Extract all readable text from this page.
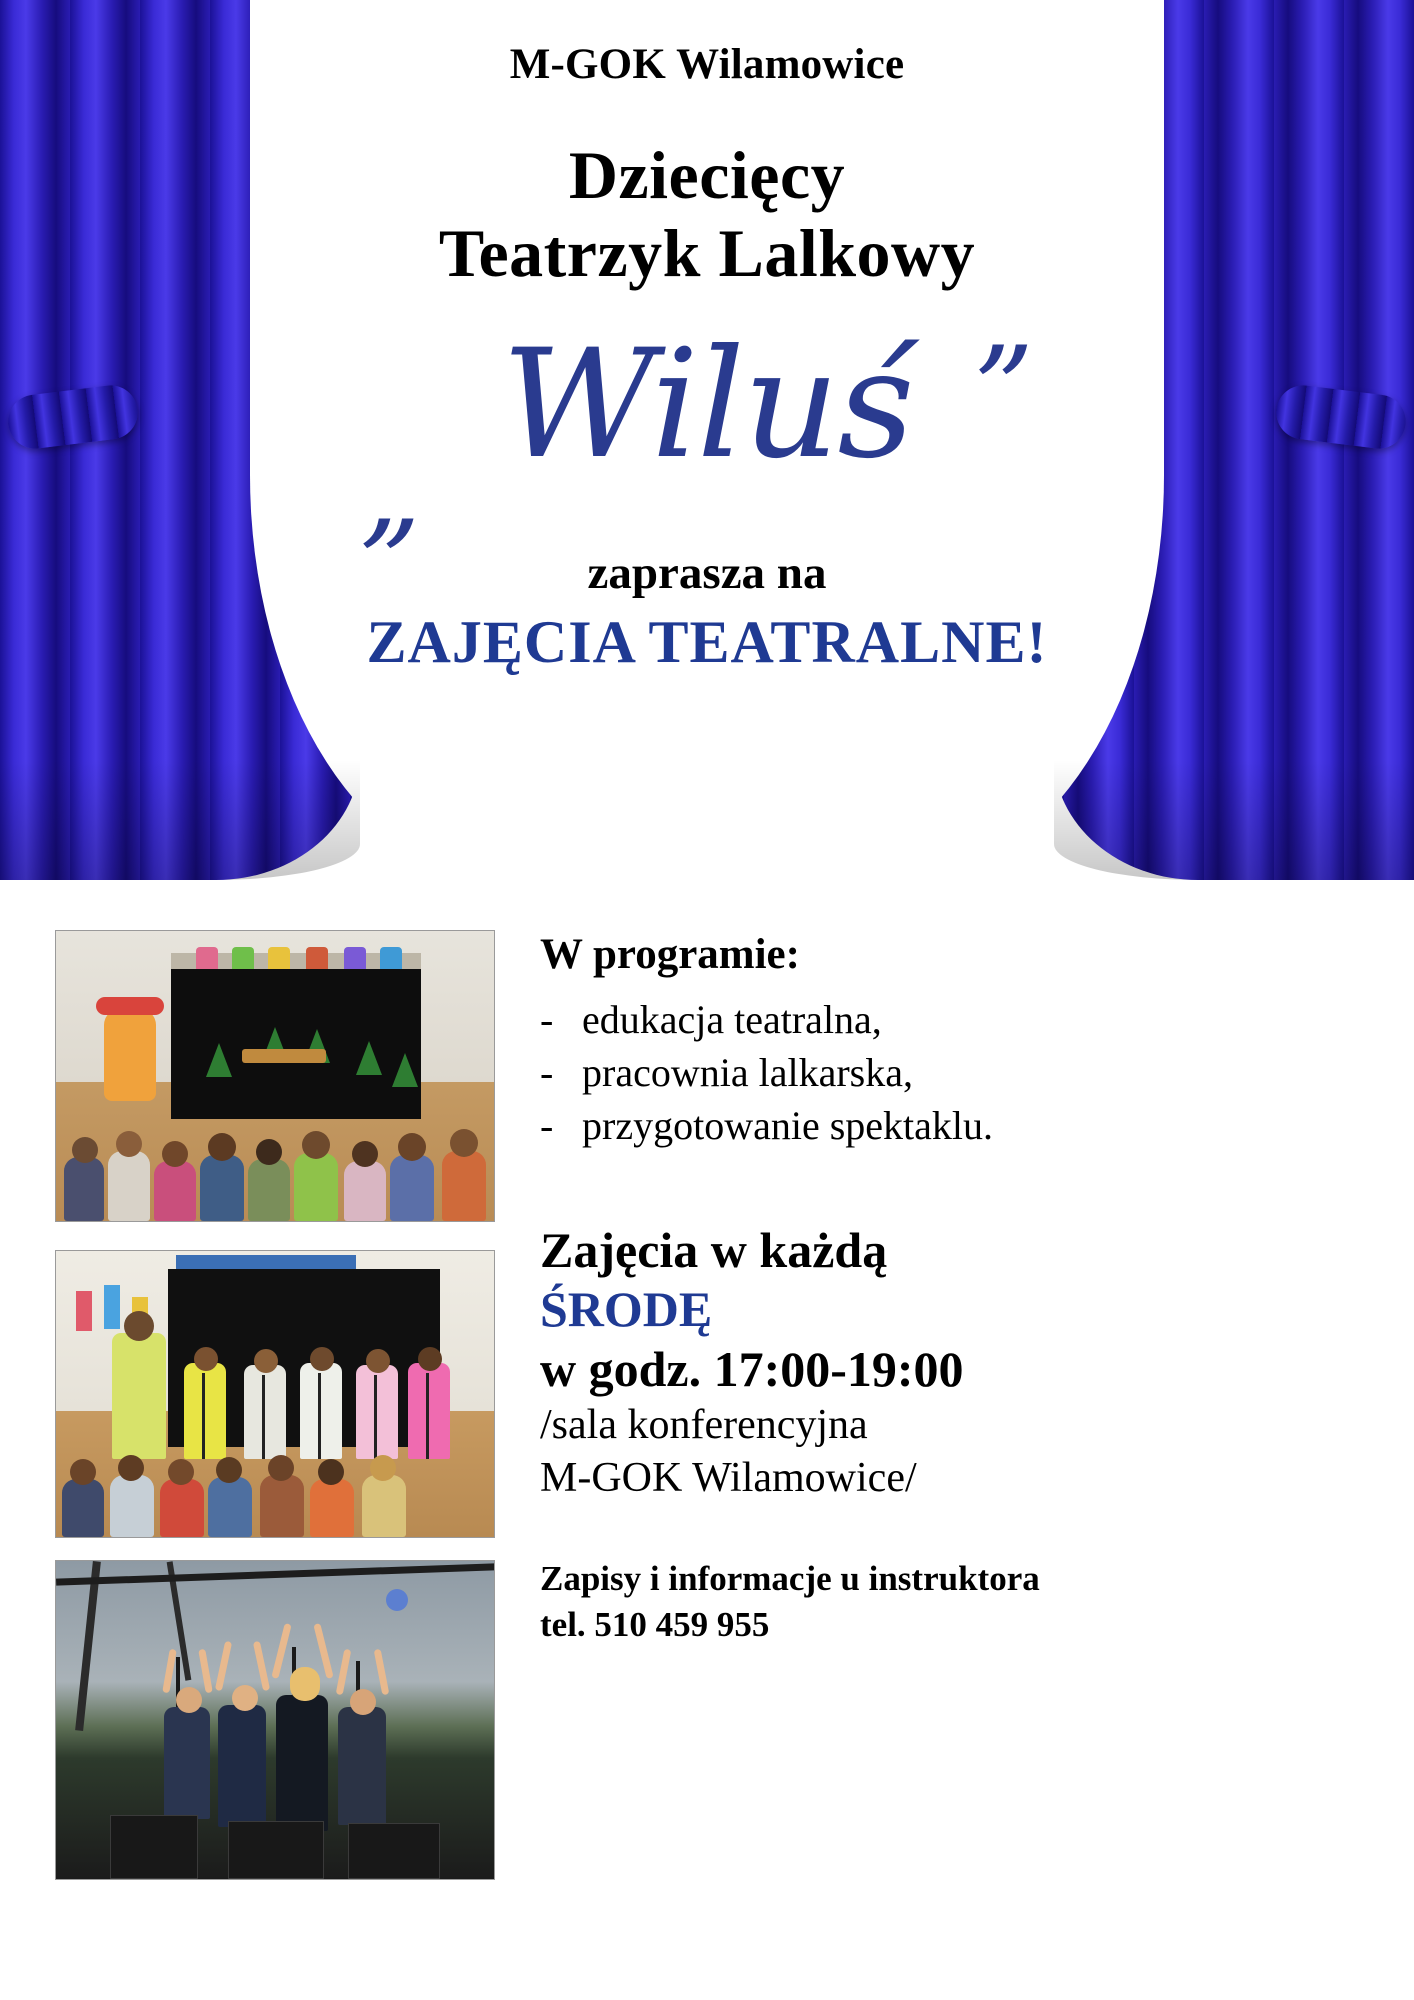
M-GOK Wilamowice
Dziecięcy
Teatrzyk Lalkowy
„ Wiluś ”
zaprasza na
ZAJĘCIA TEATRALNE!
W programie:
- edukacja teatralna,
- pracownia lalkarska,
- przygotowanie spektaklu.
Zajęcia w każdą
ŚRODĘ
w godz. 17:00-19:00
/sala konferencyjna
M-GOK Wilamowice/
Zapisy i informacje u instruktora
tel. 510 459 955
